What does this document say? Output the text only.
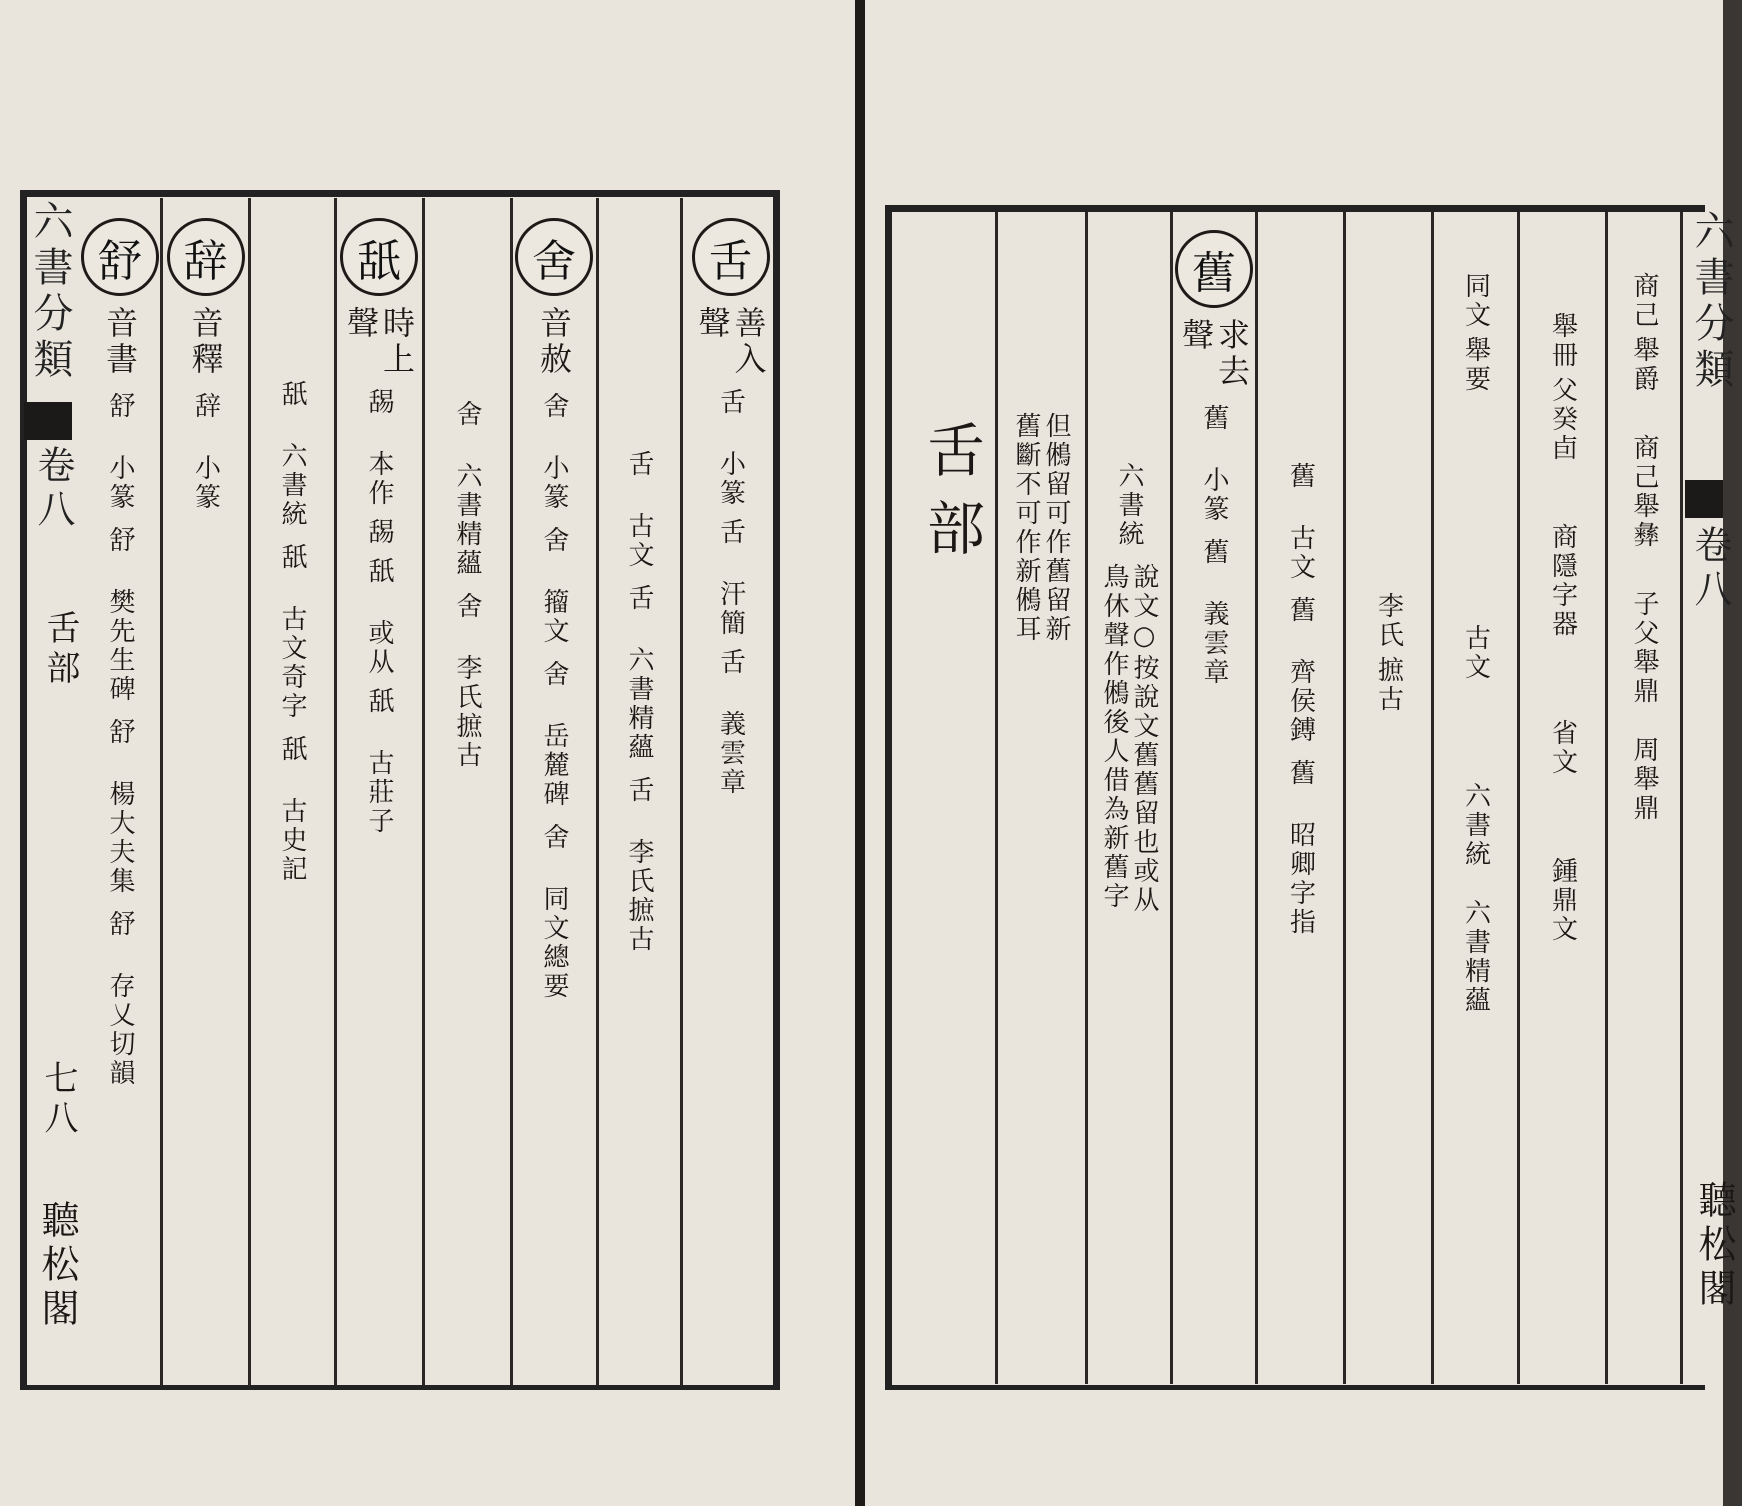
六書分類
卷八
舌部
七八
聽松閣
舌
善入
聲
舌 小篆
舌 汗簡
舌 義雲章
舌 古文
舌 六書精蘊
舌 李氏摭古
舍
音赦
舍 小篆
舍 籀文
舍 岳麓碑
舍 同文總要
舍 六書精蘊
舍 李氏摭古
舐
時上
聲
舓 本作
舓
舐 或从
舐 古莊子
舐 六書統
舐 古文奇字
舐 古史記
辞
音釋
辞 小篆
舒
音書
舒 小篆
舒 樊先生碑
舒 楊大夫集
舒 存乂切韻
舌部	但鵂留可作舊留新
舊斷不可作新鵂耳	六書統
說文○按說文舊舊留也或从
鳥休聲作鵂後人借為新舊字
舊
求去
聲
舊 小篆
舊 義雲章
舊 古文
舊 齊侯鎛
舊 昭卿字指
李氏
摭古
同文
舉要
古文
六書統
六書精蘊
舉冊
父癸卣
商隱字器
省文
鍾鼎文
商己
舉爵
商己舉彝
子父舉鼎
周舉鼎
六書分類
卷八
聽松閣
